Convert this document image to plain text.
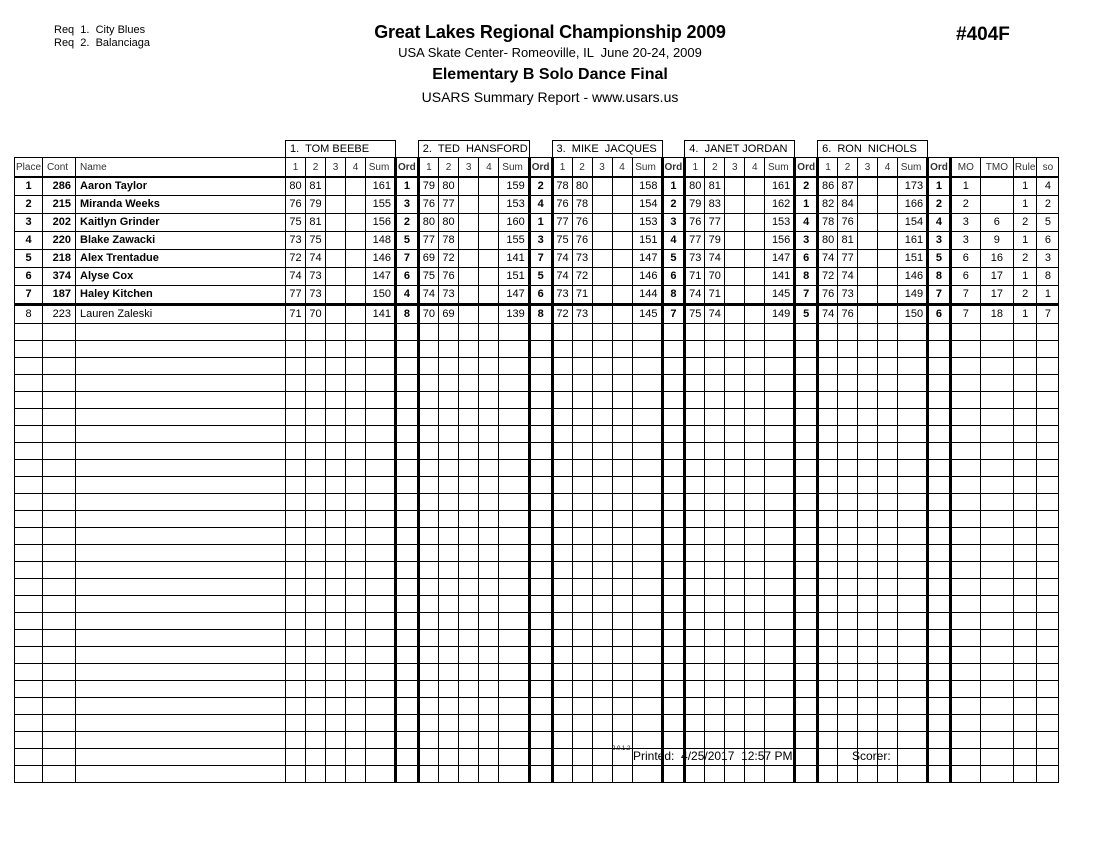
Req  1.  City Blues
Req  2.  Balanciaga
Great Lakes Regional Championship 2009
USA Skate Center- Romeoville, IL  June 20-24, 2009
Elementary B Solo Dance Final
USARS Summary Report - www.usars.us
#404F
			1.  TOM BEEBE						2.  TED  HANSFORD						3.  MIKE  JACQUES						4.  JANET JORDAN						6.  RON  NICHOLS									
Place	Cont	Name	1	2	3	4	Sum	Ord	1	2	3	4	Sum	Ord	1	2	3	4	Sum	Ord	1	2	3	4	Sum	Ord	1	2	3	4	Sum	Ord	MO	TMO	Rule	so
1	286	Aaron Taylor	80	81			161	1	79	80			159	2	78	80			158	1	80	81			161	2	86	87			173	1	1		1	4
2	215	Miranda Weeks	76	79			155	3	76	77			153	4	76	78			154	2	79	83			162	1	82	84			166	2	2		1	2
3	202	Kaitlyn Grinder	75	81			156	2	80	80			160	1	77	76			153	3	76	77			153	4	78	76			154	4	3	6	2	5
4	220	Blake Zawacki	73	75			148	5	77	78			155	3	75	76			151	4	77	79			156	3	80	81			161	3	3	9	1	6
5	218	Alex Trentadue	72	74			146	7	69	72			141	7	74	73			147	5	73	74			147	6	74	77			151	5	6	16	2	3
6	374	Alyse Cox	74	73			147	6	75	76			151	5	74	72			146	6	71	70			141	8	72	74			146	8	6	17	1	8
7	187	Haley Kitchen	77	73			150	4	74	73			147	6	73	71			144	8	74	71			145	7	76	73			149	7	7	17	2	1
8	223	Lauren Zaleski	71	70			141	8	70	69			139	8	72	73			145	7	75	74			149	5	74	76			150	6	7	18	1	7

2.0.1.2 Printed:  4/25/2017  12:57 PM	Scorer:
